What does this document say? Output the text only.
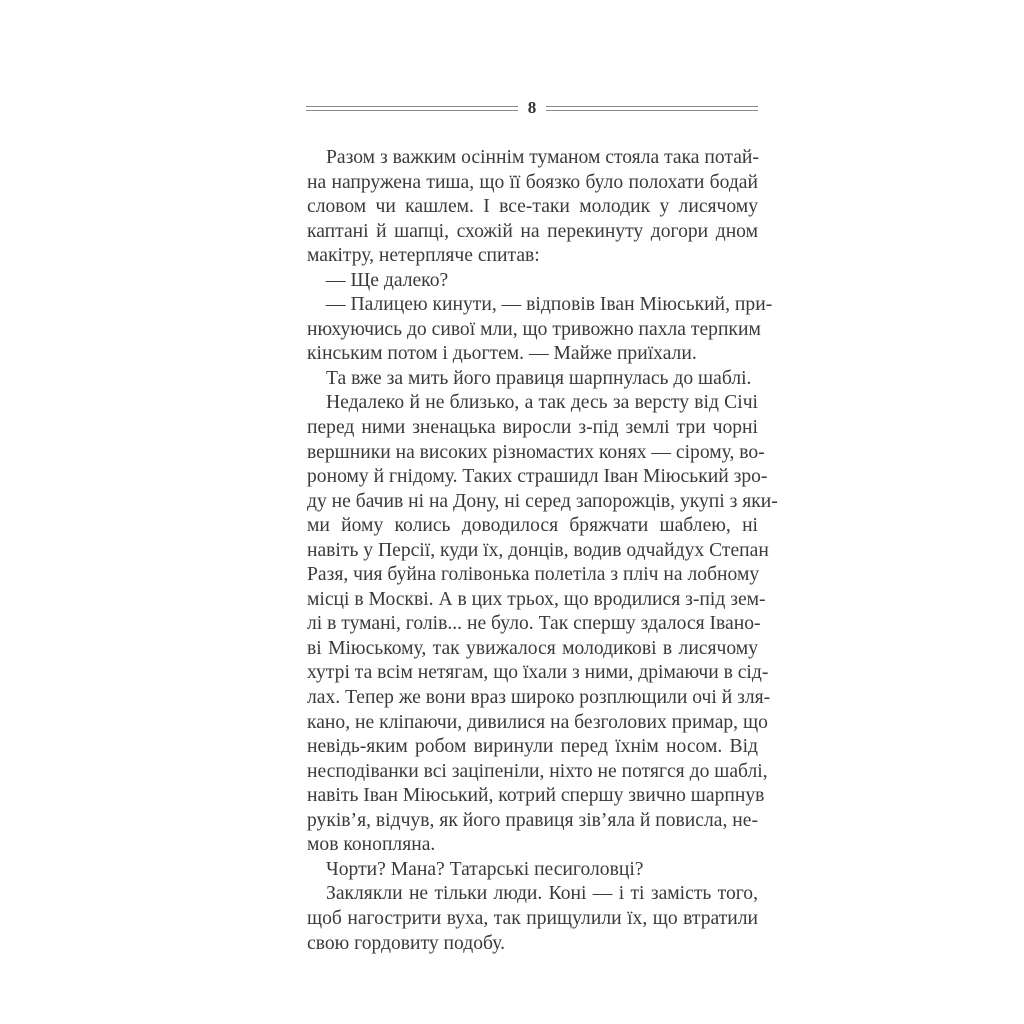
8
Разом з важким осіннім туманом стояла така потай-
на напружена тиша, що її боязко було полохати бодай
словом чи кашлем. І все-таки молодик у лисячому
каптані й шапці, схожій на перекинуту догори дном
макітру, нетерпляче спитав:
— Ще далеко?
— Палицею кинути, — відповів Іван Міюський, при-
нюхуючись до сивої мли, що тривожно пахла терпким
кінським потом і дьогтем. — Майже приїхали.
Та вже за мить його правиця шарпнулась до шаблі.
Недалеко й не близько, а так десь за версту від Січі
перед ними зненацька виросли з-під землі три чорні
вершники на високих різномастих конях — сірому, во-
роному й гнідому. Таких страшидл Іван Міюський зро-
ду не бачив ні на Дону, ні серед запорожців, укупі з яки-
ми йому колись доводилося бряжчати шаблею, ні
навіть у Персії, куди їх, донців, водив одчайдух Степан
Разя, чия буйна голівонька полетіла з пліч на лобному
місці в Москві. А в цих трьох, що вродилися з-під зем-
лі в тумані, голів... не було. Так спершу здалося Івано-
ві Міюському, так увижалося молодикові в лисячому
хутрі та всім нетягам, що їхали з ними, дрімаючи в сід-
лах. Тепер же вони враз широко розплющили очі й зля-
кано, не кліпаючи, дивилися на безголових примар, що
невідь-яким робом виринули перед їхнім носом. Від
несподіванки всі заціпеніли, ніхто не потягся до шаблі,
навіть Іван Міюський, котрий спершу звично шарпнув
руків’я, відчув, як його правиця зів’яла й повисла, не-
мов коноплянa.
Чорти? Мана? Татарські песиголовці?
Заклякли не тільки люди. Коні — і ті замість того,
щоб нагострити вуха, так прищулили їх, що втратили
свою гордовиту подобу.
